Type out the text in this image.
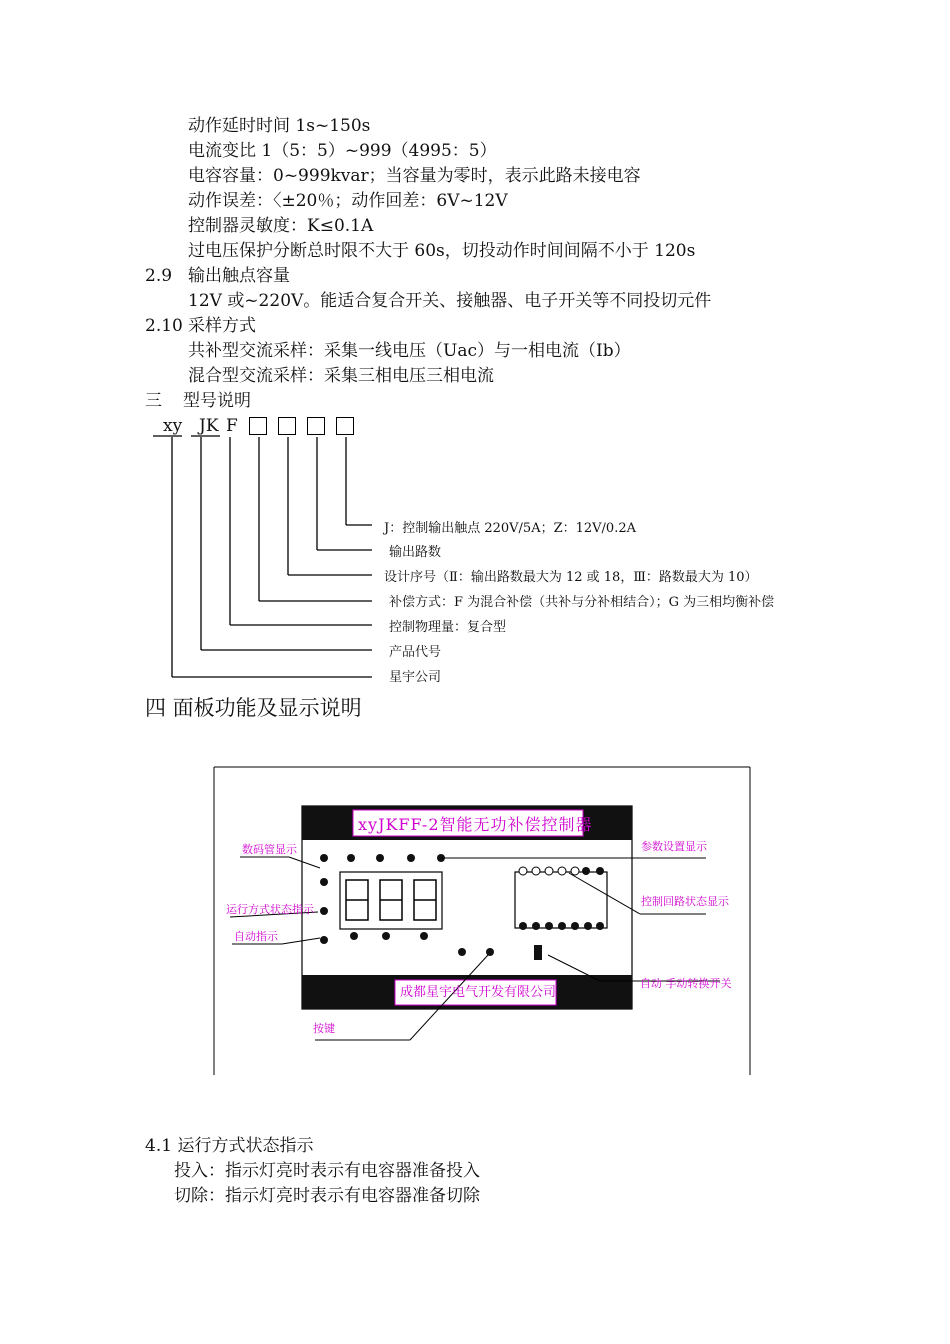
动作延时时间 1s~150s
电流变比 1（5：5）~999（4995：5）
电容容量：0~999kvar；当容量为零时，表示此路未接电容
动作误差：〈±20％；动作回差：6V~12V
控制器灵敏度：K≤0.1A
过电压保护分断总时限不大于 60s，切投动作时间间隔不小于 120s
2.9 输出触点容量
12V 或~220V。能适合复合开关、接触器、电子开关等不同投切元件
2.10 采样方式
共补型交流采样：采集一线电压（Uac）与一相电流（Ib）
混合型交流采样：采集三相电压三相电流
三 型号说明
xy JK F
J：控制输出触点 220V/5A；Z：12V/0.2A
输出路数
设计序号（Ⅱ：输出路数最大为 12 或 18，Ⅲ：路数最大为 10）
补偿方式：F 为混合补偿（共补与分补相结合）；G 为三相均衡补偿
控制物理量：复合型
产品代号
星宇公司
四 面板功能及显示说明
xyJKFF-2智能无功补偿控制器
成都星宇电气开发有限公司
数码管显示
运行方式状态指示
自动指示
按键
参数设置显示
控制回路状态显示
自动 手动转换开关
4.1 运行方式状态指示
投入：指示灯亮时表示有电容器准备投入
切除：指示灯亮时表示有电容器准备切除
